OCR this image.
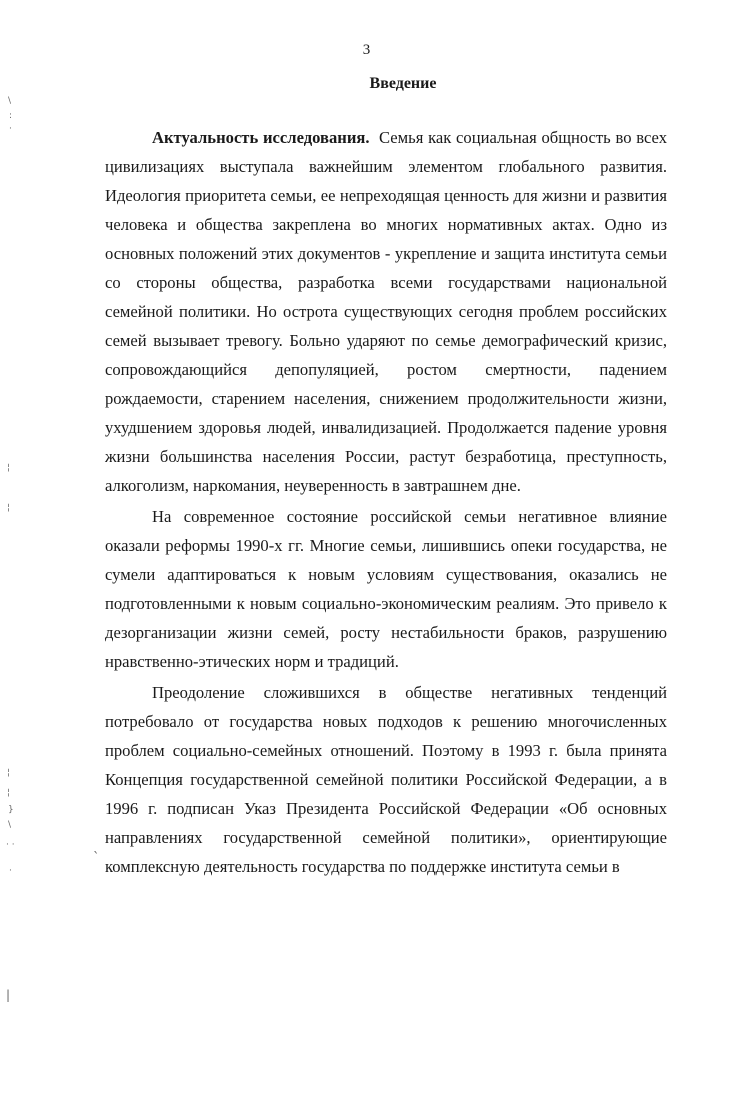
3
Введение

Актуальность исследования. Семья как социальная общность во всех цивилизациях выступала важнейшим элементом глобального развития. Идеология приоритета семьи, ее непреходящая ценность для жизни и развития человека и общества закреплена во многих нормативных актах. Одно из основных положений этих документов - укрепление и защита института семьи со стороны общества, разработка всеми государствами национальной семейной политики. Но острота существующих сегодня проблем российских семей вызывает тревогу. Больно ударяют по семье демографический кризис, сопровождающийся депопуляцией, ростом смертности, падением рождаемости, старением населения, снижением продолжительности жизни, ухудшением здоровья людей, инвалидизацией. Продолжается падение уровня жизни большинства населения России, растут безработица, преступность, алкоголизм, наркомания, неуверенность в завтрашнем дне.

На современное состояние российской семьи негативное влияние оказали реформы 1990-х гг. Многие семьи, лишившись опеки государства, не сумели адаптироваться к новым условиям существования, оказались не подготовленными к новым социально-экономическим реалиям. Это привело к дезорганизации жизни семей, росту нестабильности браков, разрушению нравственно-этических норм и традиций.

Преодоление сложившихся в обществе негативных тенденций потребовало от государства новых подходов к решению многочисленных проблем социально-семейных отношений. Поэтому в 1993 г. была принята Концепция государственной семейной политики Российской Федерации, а в 1996 г. подписан Указ Президента Российской Федерации «Об основных направлениях государственной семейной политики», ориентирующие комплексную деятельность государства по поддержке института семьи в

\
:
·
¦
¦
¦
¦
}
\
· ·
·
`
|
